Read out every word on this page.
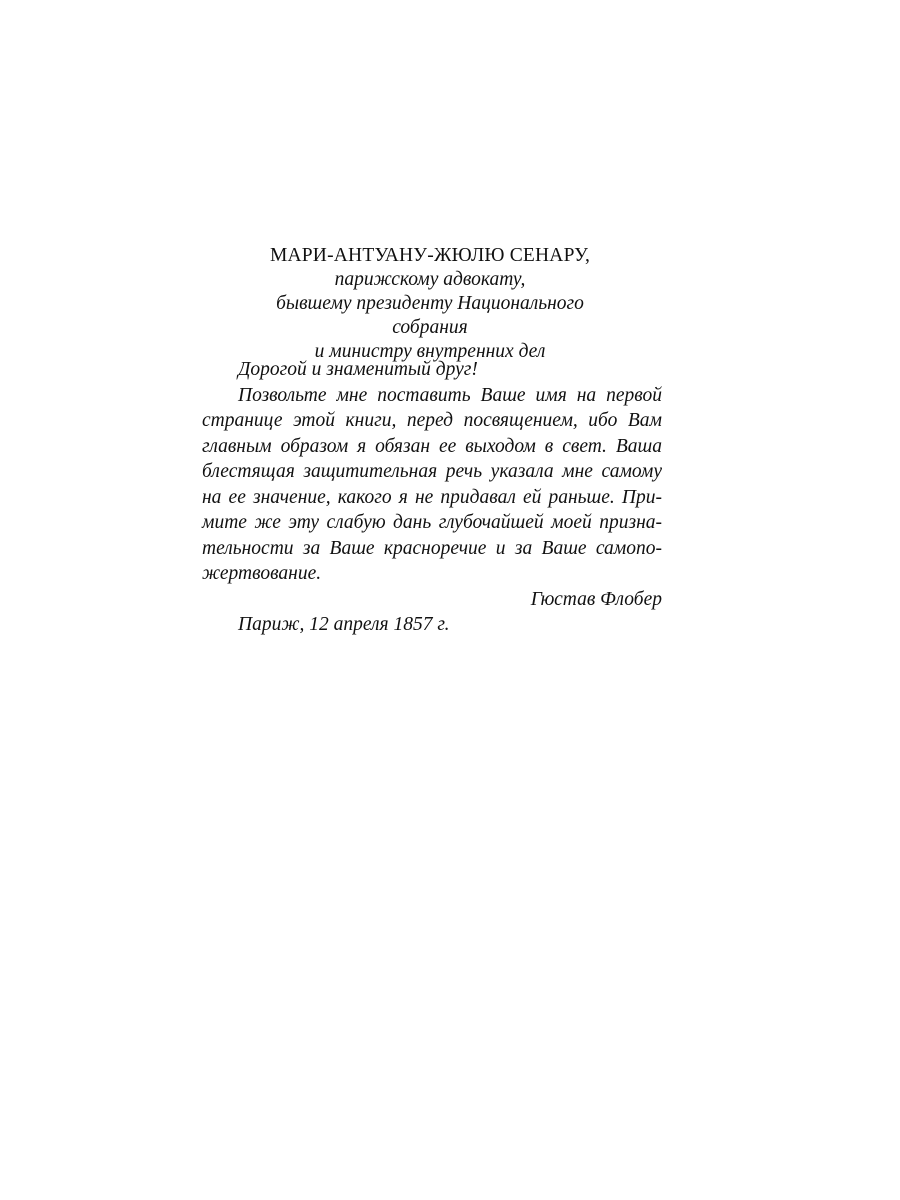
МАРИ-АНТУАНУ-ЖЮЛЮ СЕНАРУ,
парижскому адвокату,
бывшему президенту Национального собрания
и министру внутренних дел
Дорогой и знаменитый друг!
Позвольте мне поставить Ваше имя на первой странице этой книги, перед посвящением, ибо Вам главным образом я обязан ее выходом в свет. Ваша блестящая защитительная речь указала мне самому на ее значение, какого я не придавал ей раньше. Примите же эту слабую дань глубочайшей моей признательности за Ваше красноречие и за Ваше самопожертвование.
Гюстав Флобер
Париж, 12 апреля 1857 г.
